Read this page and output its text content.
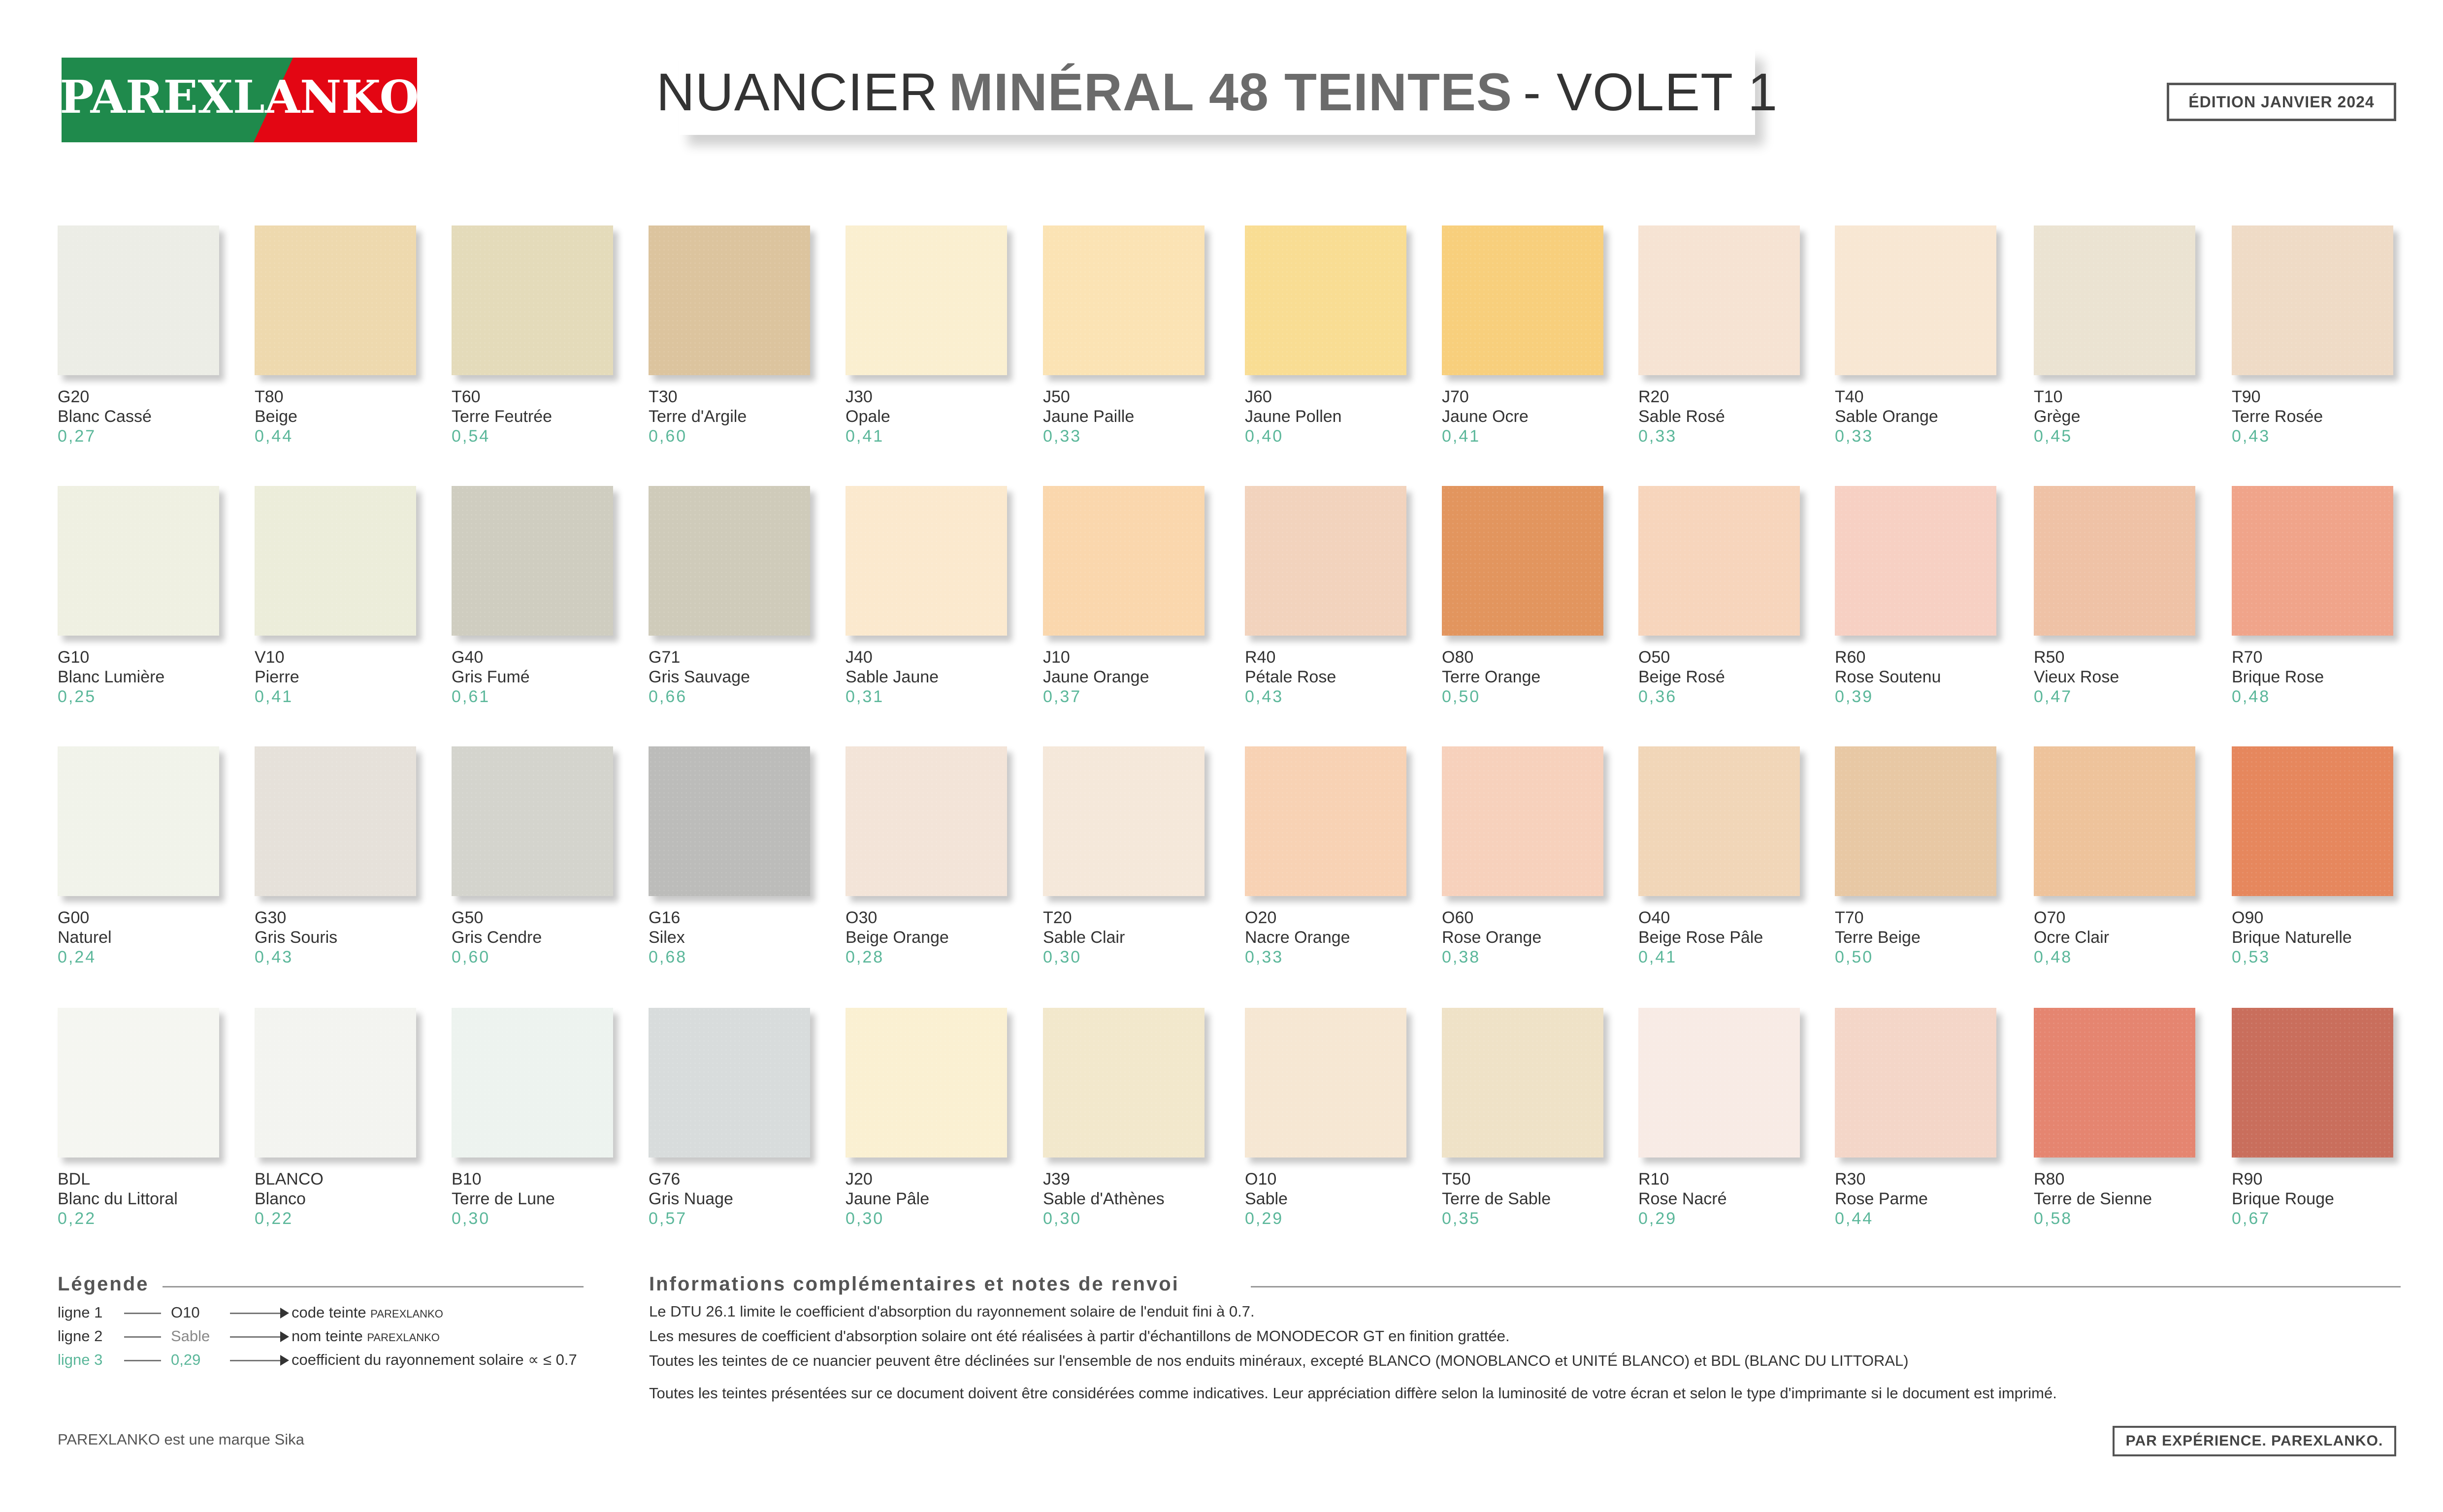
PAREXLANKO	NUANCIER MINÉRAL 48 TEINTES - VOLET 1	ÉDITION JANVIER 2024
G20
Blanc Cassé
0,27
T80
Beige
0,44
T60
Terre Feutrée
0,54
T30
Terre d'Argile
0,60
J30
Opale
0,41
J50
Jaune Paille
0,33
J60
Jaune Pollen
0,40
J70
Jaune Ocre
0,41
R20
Sable Rosé
0,33
T40
Sable Orange
0,33
T10
Grège
0,45
T90
Terre Rosée
0,43
G10
Blanc Lumière
0,25
V10
Pierre
0,41
G40
Gris Fumé
0,61
G71
Gris Sauvage
0,66
J40
Sable Jaune
0,31
J10
Jaune Orange
0,37
R40
Pétale Rose
0,43
O80
Terre Orange
0,50
O50
Beige Rosé
0,36
R60
Rose Soutenu
0,39
R50
Vieux Rose
0,47
R70
Brique Rose
0,48
G00
Naturel
0,24
G30
Gris Souris
0,43
G50
Gris Cendre
0,60
G16
Silex
0,68
O30
Beige Orange
0,28
T20
Sable Clair
0,30
O20
Nacre Orange
0,33
O60
Rose Orange
0,38
O40
Beige Rose Pâle
0,41
T70
Terre Beige
0,50
O70
Ocre Clair
0,48
O90
Brique Naturelle
0,53
BDL
Blanc du Littoral
0,22
BLANCO
Blanco
0,22
B10
Terre de Lune
0,30
G76
Gris Nuage
0,57
J20
Jaune Pâle
0,30
J39
Sable d'Athènes
0,30
O10
Sable
0,29
T50
Terre de Sable
0,35
R10
Rose Nacré
0,29
R30
Rose Parme
0,44
R80
Terre de Sienne
0,58
R90
Brique Rouge
0,67
Légende
ligne 1	O10	code teinte PAREXLANKO
ligne 2	Sable	nom teinte PAREXLANKO
ligne 3	0,29	coefficient du rayonnement solaire ∝ ≤ 0.7
Informations complémentaires et notes de renvoi
Le DTU 26.1 limite le coefficient d'absorption du rayonnement solaire de l'enduit fini à 0.7.
Les mesures de coefficient d'absorption solaire ont été réalisées à partir d'échantillons de MONODECOR GT en finition grattée.
Toutes les teintes de ce nuancier peuvent être déclinées sur l'ensemble de nos enduits minéraux, excepté BLANCO (MONOBLANCO et UNITÉ BLANCO) et BDL (BLANC DU LITTORAL)
Toutes les teintes présentées sur ce document doivent être considérées comme indicatives. Leur appréciation diffère selon la luminosité de votre écran et selon le type d'imprimante si le document est imprimé.
PAREXLANKO est une marque Sika	PAR EXPÉRIENCE. PAREXLANKO.
